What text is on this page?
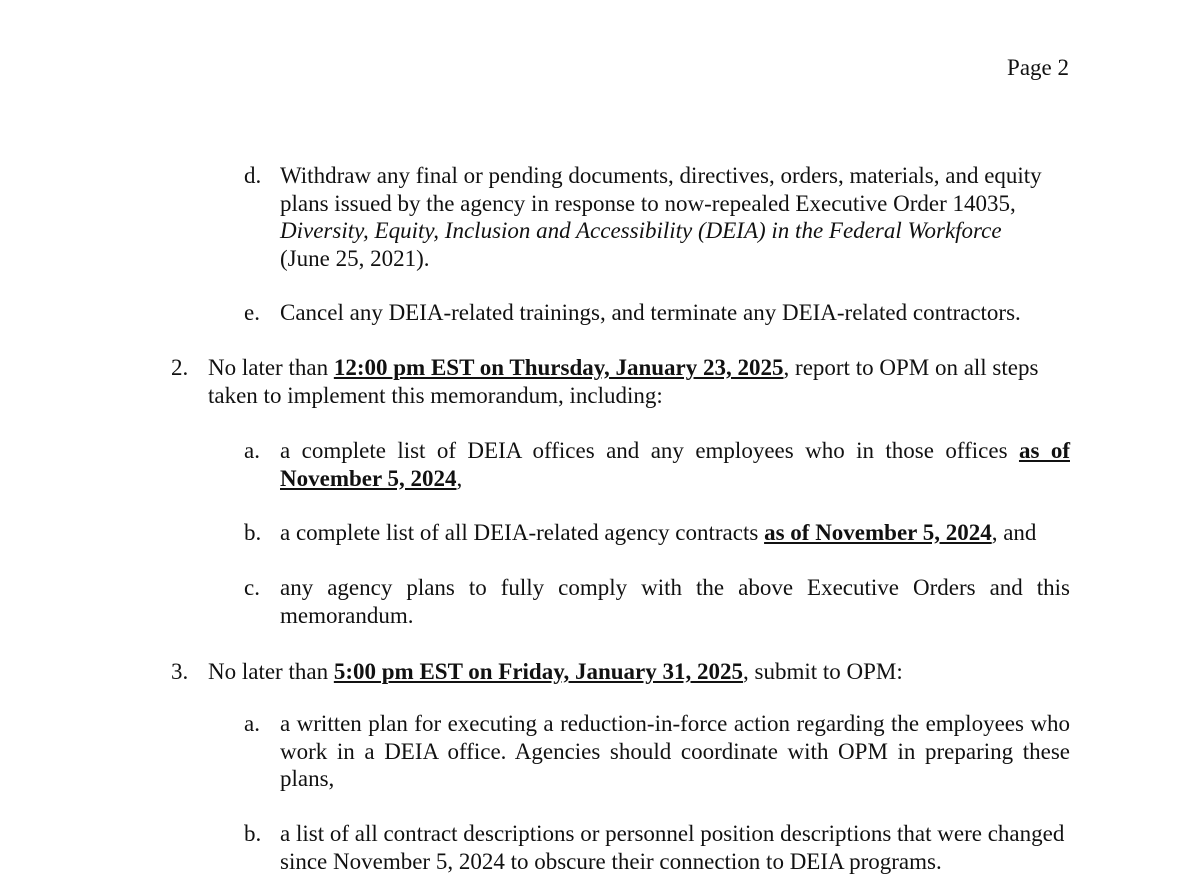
Page 2
d. Withdraw any final or pending documents, directives, orders, materials, and equity plans issued by the agency in response to now-repealed Executive Order 14035, Diversity, Equity, Inclusion and Accessibility (DEIA) in the Federal Workforce (June 25, 2021).
e. Cancel any DEIA-related trainings, and terminate any DEIA-related contractors.
2. No later than 12:00 pm EST on Thursday, January 23, 2025, report to OPM on all steps taken to implement this memorandum, including:
a. a complete list of DEIA offices and any employees who in those offices as of November 5, 2024,
b. a complete list of all DEIA-related agency contracts as of November 5, 2024, and
c. any agency plans to fully comply with the above Executive Orders and this memorandum.
3. No later than 5:00 pm EST on Friday, January 31, 2025, submit to OPM:
a. a written plan for executing a reduction-in-force action regarding the employees who work in a DEIA office. Agencies should coordinate with OPM in preparing these plans,
b. a list of all contract descriptions or personnel position descriptions that were changed since November 5, 2024 to obscure their connection to DEIA programs.
